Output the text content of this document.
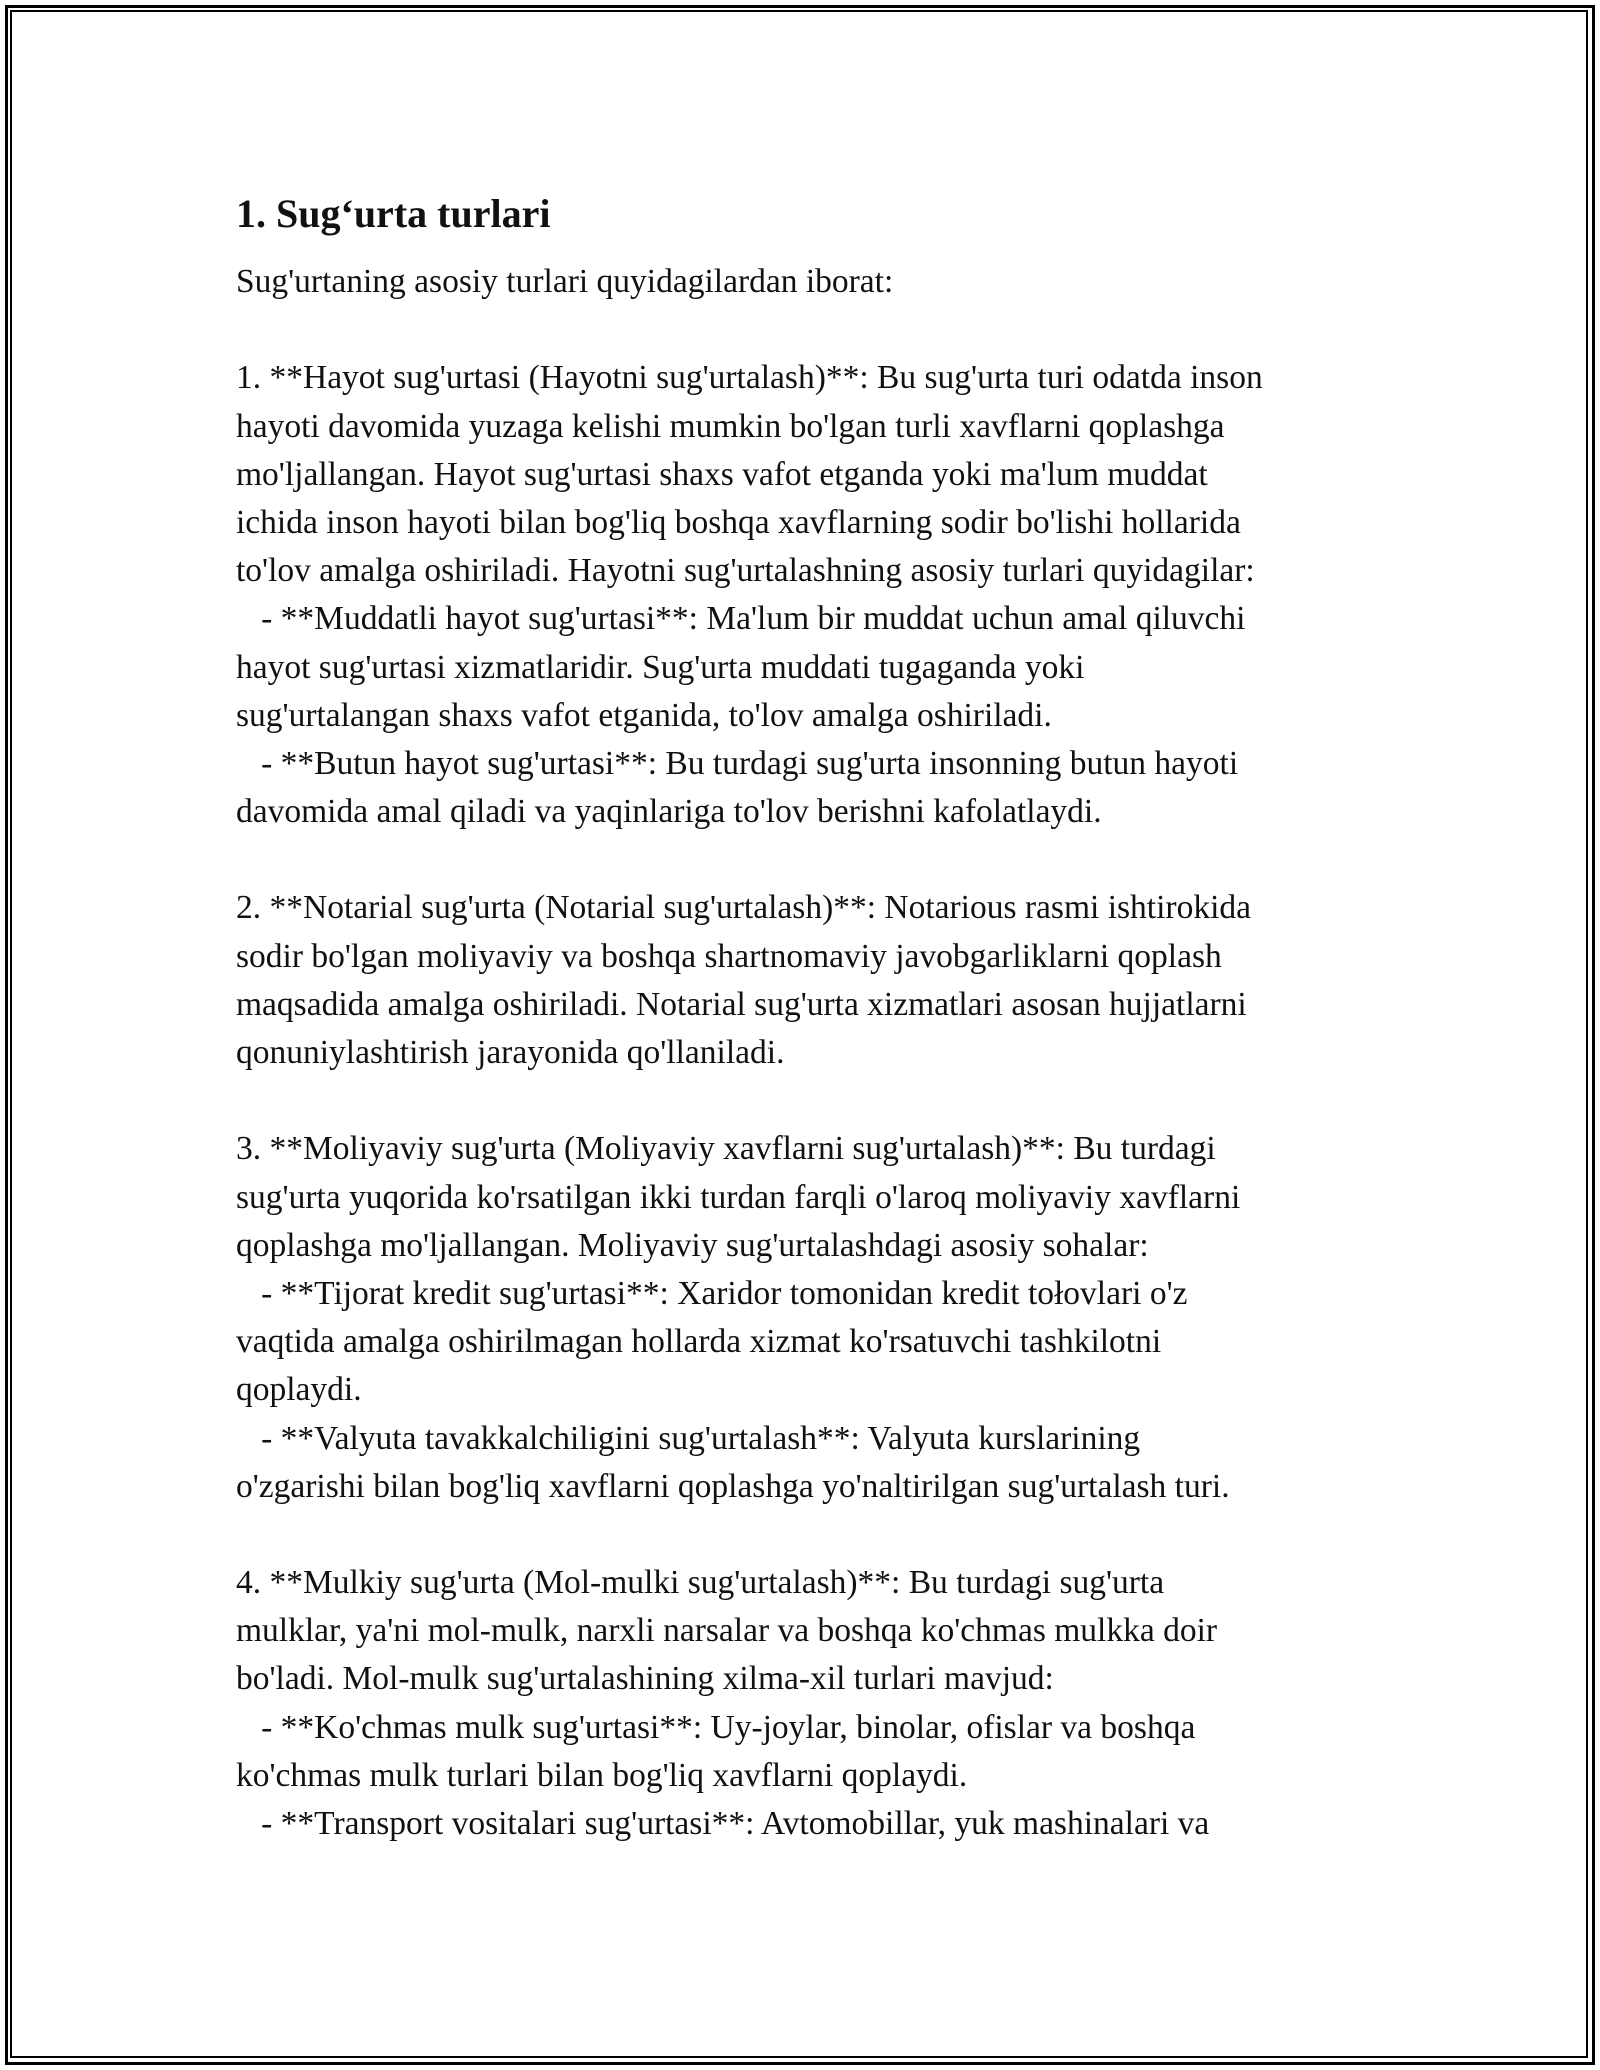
1. Sug‘urta turlari

Sug'urtaning asosiy turlari quyidagilardan iborat:

1. **Hayot sug'urtasi (Hayotni sug'urtalash)**: Bu sug'urta turi odatda inson
hayoti davomida yuzaga kelishi mumkin bo'lgan turli xavflarni qoplashga
mo'ljallangan. Hayot sug'urtasi shaxs vafot etganda yoki ma'lum muddat
ichida inson hayoti bilan bog'liq boshqa xavflarning sodir bo'lishi hollarida
to'lov amalga oshiriladi. Hayotni sug'urtalashning asosiy turlari quyidagilar:
- **Muddatli hayot sug'urtasi**: Ma'lum bir muddat uchun amal qiluvchi
hayot sug'urtasi xizmatlaridir. Sug'urta muddati tugaganda yoki
sug'urtalangan shaxs vafot etganida, to'lov amalga oshiriladi.
- **Butun hayot sug'urtasi**: Bu turdagi sug'urta insonning butun hayoti
davomida amal qiladi va yaqinlariga to'lov berishni kafolatlaydi.
2. **Notarial sug'urta (Notarial sug'urtalash)**: Notarious rasmi ishtirokida
sodir bo'lgan moliyaviy va boshqa shartnomaviy javobgarliklarni qoplash
maqsadida amalga oshiriladi. Notarial sug'urta xizmatlari asosan hujjatlarni
qonuniylashtirish jarayonida qo'llaniladi.
3. **Moliyaviy sug'urta (Moliyaviy xavflarni sug'urtalash)**: Bu turdagi
sug'urta yuqorida ko'rsatilgan ikki turdan farqli o'laroq moliyaviy xavflarni
qoplashga mo'ljallangan. Moliyaviy sug'urtalashdagi asosiy sohalar:
- **Tijorat kredit sug'urtasi**: Xaridor tomonidan kredit tołovlari o'z
vaqtida amalga oshirilmagan hollarda xizmat ko'rsatuvchi tashkilotni
qoplaydi.
- **Valyuta tavakkalchiligini sug'urtalash**: Valyuta kurslarining
o'zgarishi bilan bog'liq xavflarni qoplashga yo'naltirilgan sug'urtalash turi.
4. **Mulkiy sug'urta (Mol-mulki sug'urtalash)**: Bu turdagi sug'urta
mulklar, ya'ni mol-mulk, narxli narsalar va boshqa ko'chmas mulkka doir
bo'ladi. Mol-mulk sug'urtalashining xilma-xil turlari mavjud:
- **Ko'chmas mulk sug'urtasi**: Uy-joylar, binolar, ofislar va boshqa
ko'chmas mulk turlari bilan bog'liq xavflarni qoplaydi.
- **Transport vositalari sug'urtasi**: Avtomobillar, yuk mashinalari va
